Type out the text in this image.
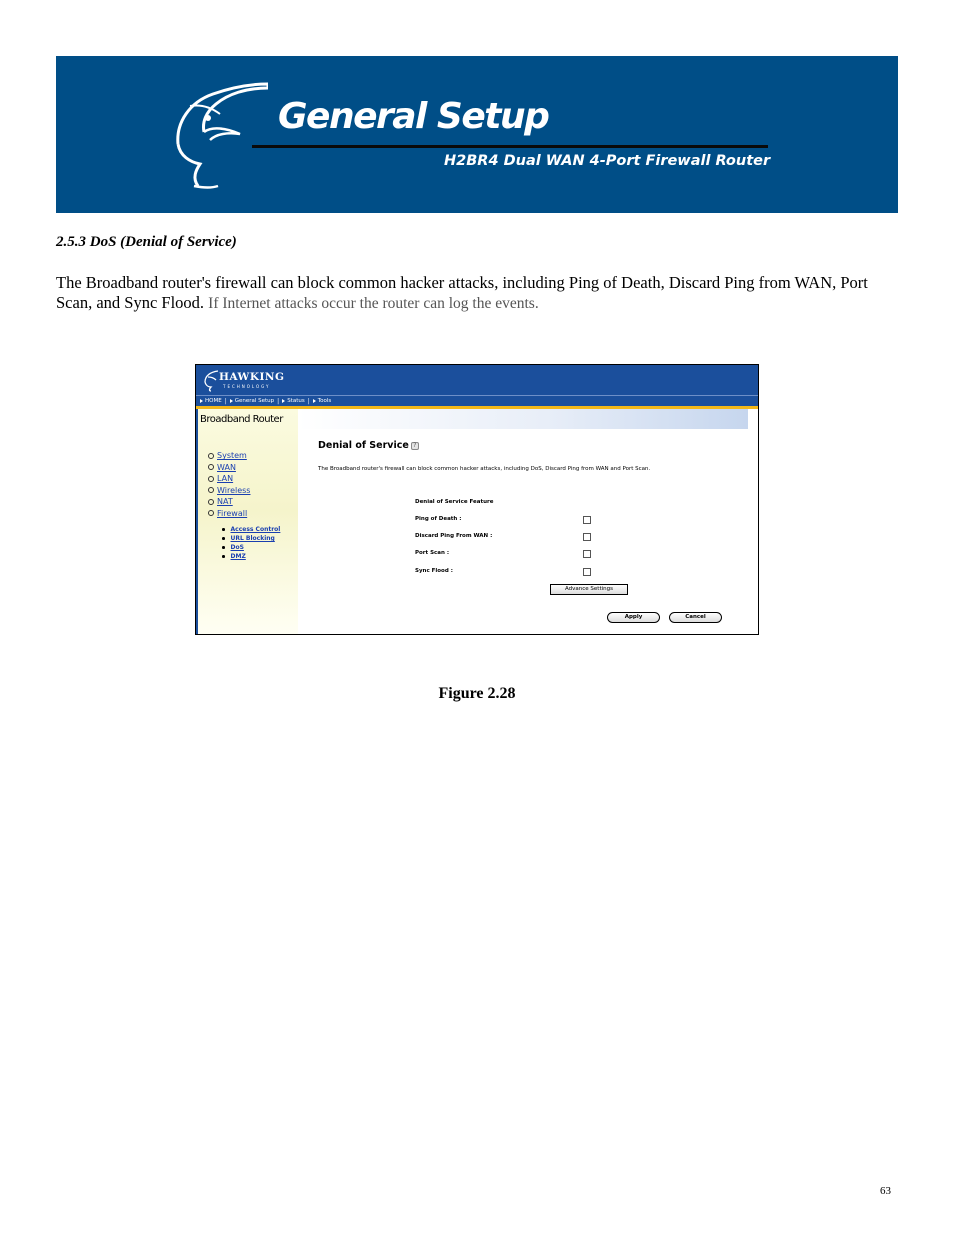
General Setup
H2BR4 Dual WAN 4-Port Firewall Router
2.5.3 DoS (Denial of Service)
The Broadband router's firewall can block common hacker attacks, including Ping of Death, Discard Ping from WAN, Port Scan, and Sync Flood. If Internet attacks occur the router can log the events.
HAWKING
TECHNOLOGY
HOME | General Setup | Status | Tools
Broadband Router
System
WAN
LAN
Wireless
NAT
Firewall
Access Control
URL Blocking
DoS
DMZ
Denial of Service ?
The Broadband router's firewall can block common hacker attacks, including DoS, Discard Ping from WAN and Port Scan.
Denial of Service Feature
Ping of Death :
Discard Ping From WAN :
Port Scan :
Sync Flood :
Advance Settings
Apply	Cancel
Figure 2.28
63
